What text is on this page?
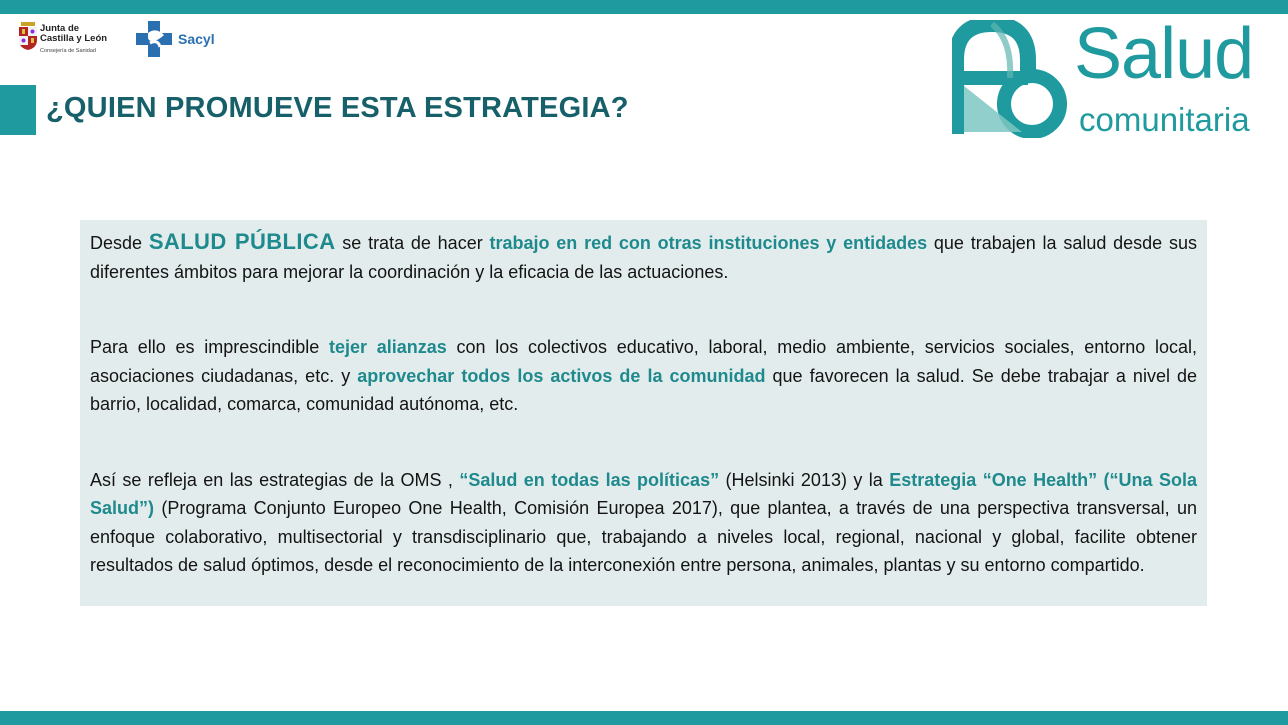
Junta de
Castilla y León
Consejería de Sanidad
Sacyl
¿QUIEN PROMUEVE ESTA ESTRATEGIA?
Salud
comunitaria

Desde SALUD PÚBLICA se trata de hacer trabajo en red con otras instituciones y entidades que trabajen la salud desde sus diferentes ámbitos para mejorar la coordinación y la eficacia de las actuaciones.

Para ello es imprescindible tejer alianzas con los colectivos educativo, laboral, medio ambiente, servicios sociales, entorno local, asociaciones ciudadanas, etc. y aprovechar todos los activos de la comunidad que favorecen la salud. Se debe trabajar a nivel de barrio, localidad, comarca, comunidad autónoma, etc.

Así se refleja en las estrategias de la OMS , “Salud en todas las políticas” (Helsinki 2013) y la Estrategia “One Health” (“Una Sola Salud”) (Programa Conjunto Europeo One Health, Comisión Europea 2017), que plantea, a través de una perspectiva transversal, un enfoque colaborativo, multisectorial y transdisciplinario que, trabajando a niveles local, regional, nacional y global, facilite obtener resultados de salud óptimos, desde el reconocimiento de la interconexión entre persona, animales, plantas y su entorno compartido.
